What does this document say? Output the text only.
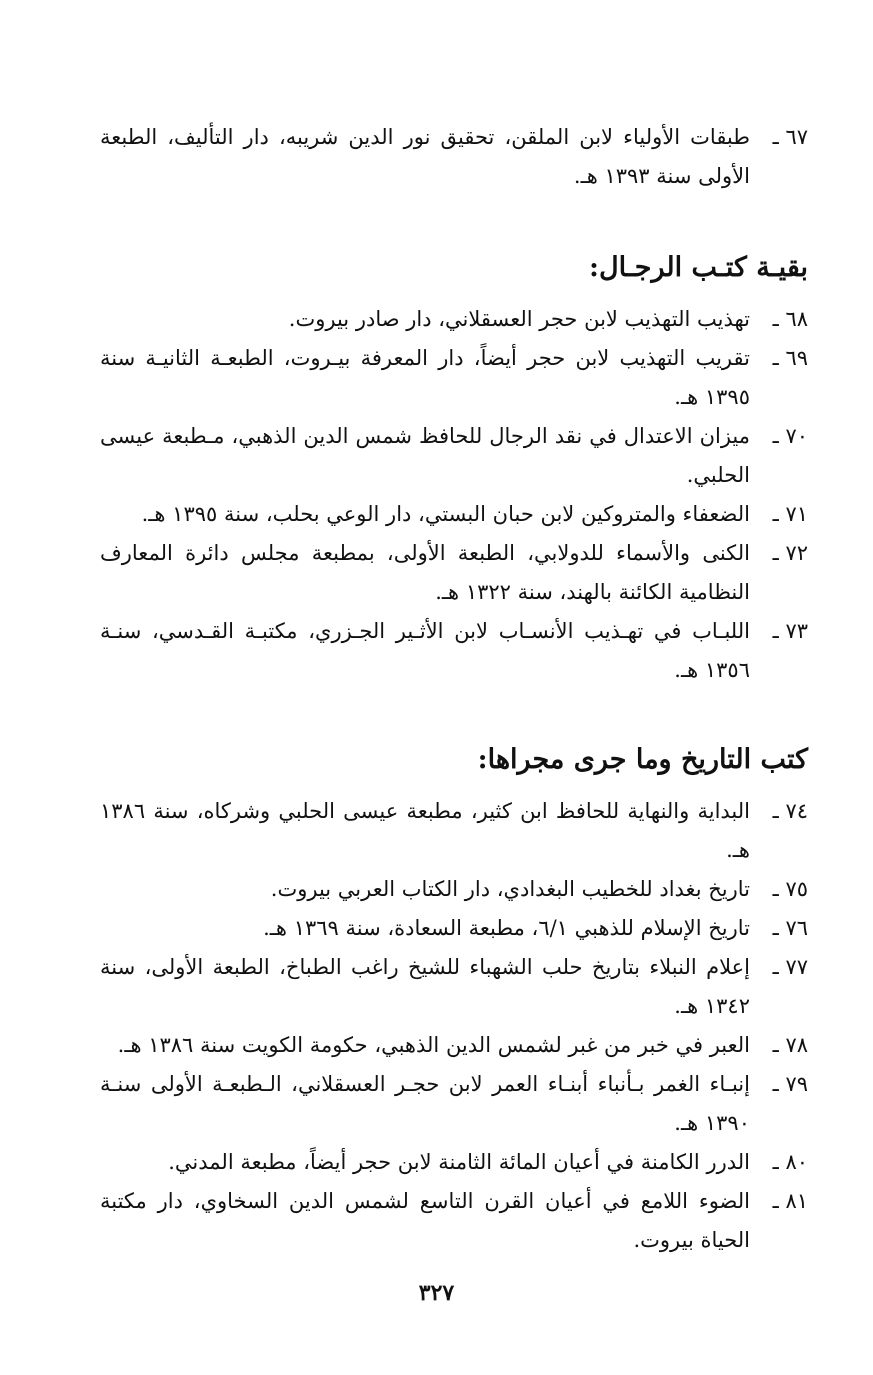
٦٧ ـ
طبقات الأولياء لابن الملقن، تحقيق نور الدين شريبه، دار التأليف، الطبعة الأولى سنة ١٣٩٣ هـ.
بقيـة كتـب الرجـال:
٦٨ ـ
تهذيب التهذيب لابن حجر العسقلاني، دار صادر بيروت.
٦٩ ـ
تقريب التهذيب لابن حجر أيضاً، دار المعرفة بيـروت، الطبعـة الثانيـة سنة ١٣٩٥ هـ.
٧٠ ـ
ميزان الاعتدال في نقد الرجال للحافظ شمس الدين الذهبي، مـطبعة عيسى الحلبي.
٧١ ـ
الضعفاء والمتروكين لابن حبان البستي، دار الوعي بحلب، سنة ١٣٩٥ هـ.
٧٢ ـ
الكنى والأسماء للدولابي، الطبعة الأولى، بمطبعة مجلس دائرة المعارف النظامية الكائنة بالهند، سنة ١٣٢٢ هـ.
٧٣ ـ
اللبـاب في تهـذيب الأنسـاب لابن الأثـير الجـزري، مكتبـة القـدسي، سنـة ١٣٥٦ هـ.
كتب التاريخ وما جرى مجراها:
٧٤ ـ
البداية والنهاية للحافظ ابن كثير، مطبعة عيسى الحلبي وشركاه، سنة ١٣٨٦ هـ.
٧٥ ـ
تاريخ بغداد للخطيب البغدادي، دار الكتاب العربي بيروت.
٧٦ ـ
تاريخ الإسلام للذهبي ٦/١، مطبعة السعادة، سنة ١٣٦٩ هـ.
٧٧ ـ
إعلام النبلاء بتاريخ حلب الشهباء للشيخ راغب الطباخ، الطبعة الأولى، سنة ١٣٤٢ هـ.
٧٨ ـ
العبر في خبر من غبر لشمس الدين الذهبي، حكومة الكويت سنة ١٣٨٦ هـ.
٧٩ ـ
إنبـاء الغمر بـأنباء أبنـاء العمر لابن حجـر العسقلاني، الـطبعـة الأولى سنـة ١٣٩٠ هـ.
٨٠ ـ
الدرر الكامنة في أعيان المائة الثامنة لابن حجر أيضاً، مطبعة المدني.
٨١ ـ
الضوء اللامع في أعيان القرن التاسع لشمس الدين السخاوي، دار مكتبة الحياة بيروت.
٣٢٧
